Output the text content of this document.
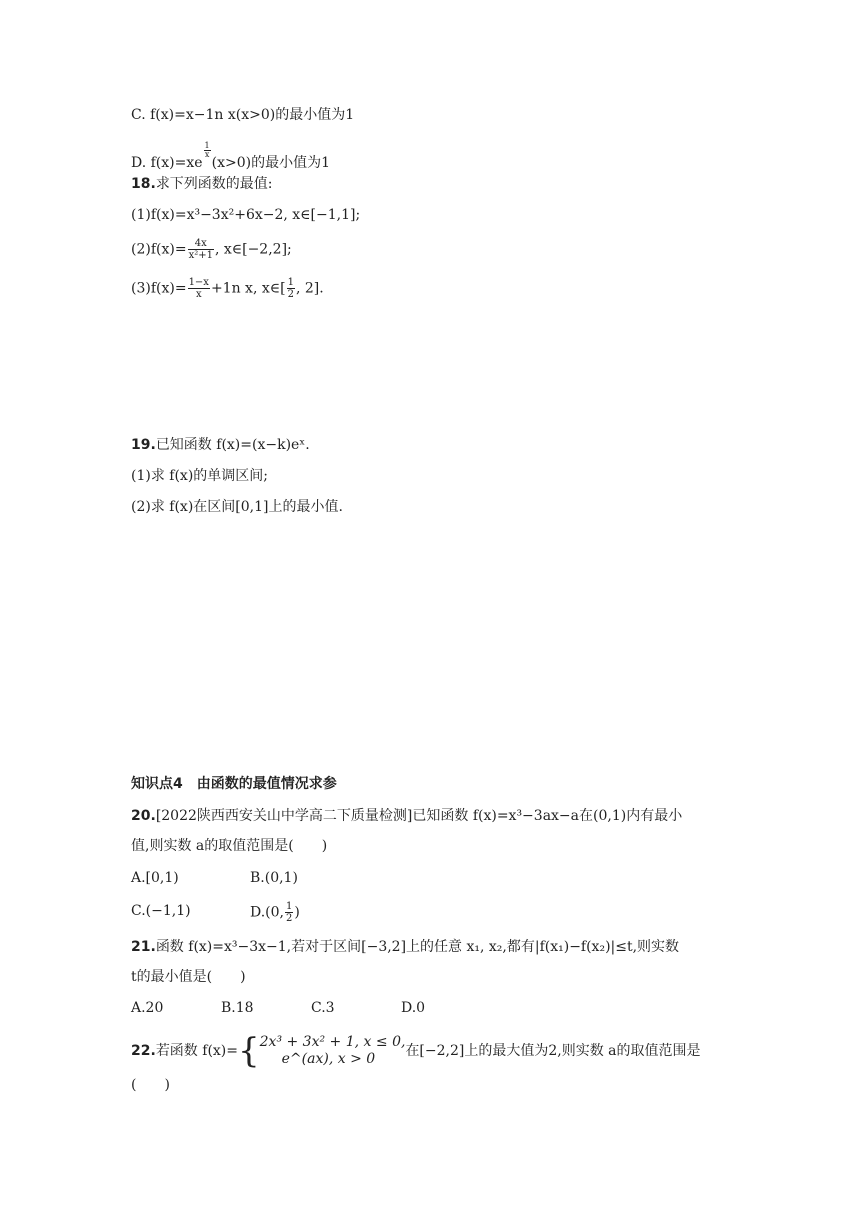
C. f(x)=x−1n x(x>0)的最小值为1
D. f(x)=xe
$\frac{1}{x}$
(x>0)的最小值为1
18.求下列函数的最值:
(1)f(x)=x³−3x²+6x−2, x∈[−1,1];
$(2)f(x)= \frac{4x}{\text{x²+1}}$ , x∈[−2,2];
$(3)f(x)= \frac{1-x}{x} +1n$ x, x∈[ $\frac{1}{2}$ , 2].
19.已知函数 f(x)=(x−k)eˣ.
(1)求 f(x)的单调区间;
(2)求 f(x)在区间[0,1]上的最小值.
知识点4　由函数的最值情况求参
20.[2022陕西西安关山中学高二下质量检测]已知函数 f(x)=x³−3ax−a在(0,1)内有最小
值,则实数 a的取值范围是(　　)
A.[0,1)	B.(0,1)
C.(−1,1)	D.(0, $\frac{1}{2}$ )
21.函数 f(x)=x³−3x−1,若对于区间[−3,2]上的任意 x₁, x₂,都有|f(x₁)−f(x₂)|≤t,则实数
t的最小值是(　　)
A.20	B.18	C.3	D.0
22.若函数 f(x)={ 2x³ + 3x² + 1, x ≤ 0,
e^(ax), x > 0	在[−2,2]上的最大值为2,则实数 a的取值范围是
(　　)
